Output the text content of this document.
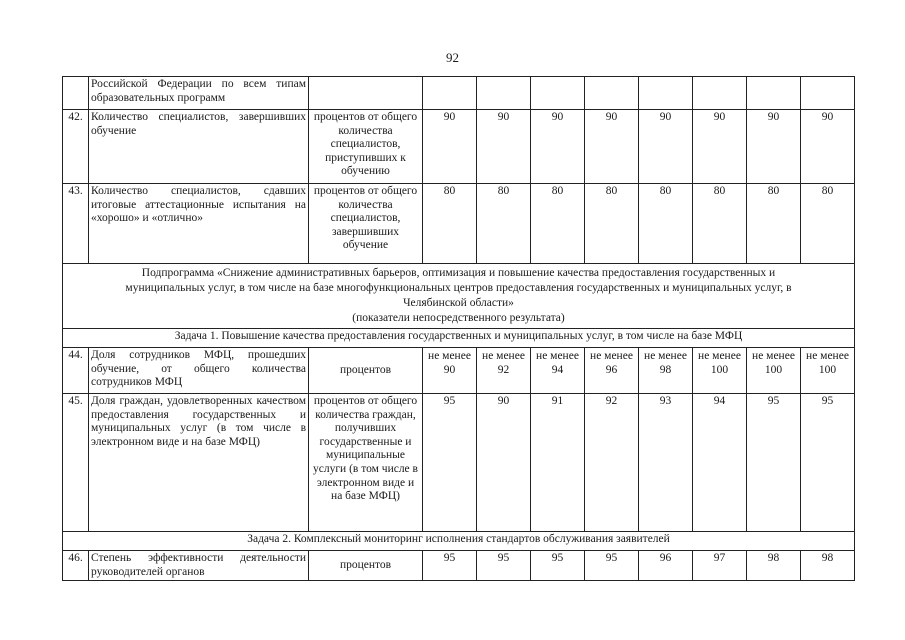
92
	Российской Федерации по всем типам образовательных программ									
42.	Количество специалистов, завершивших обучение	процентов от общего количества специалистов, приступивших к обучению	90	90	90	90	90	90	90	90
43.	Количество специалистов, сдавших итоговые аттестационные испытания на «хорошо» и «отлично»	процентов от общего количества специалистов, завершивших обучение	80	80	80	80	80	80	80	80

Подпрограмма «Снижение административных барьеров, оптимизация и повышение качества предоставления государственных и
муниципальных услуг, в том числе на базе многофункциональных центров предоставления государственных и муниципальных услуг, в
Челябинской области»
(показатели непосредственного результата)										

Задача 1. Повышение качества предоставления государственных и муниципальных услуг, в том числе на базе МФЦ										
44.	Доля сотрудников МФЦ, прошедших обучение, от общего количества сотрудников МФЦ	процентов	не менее 90	не менее 92	не менее 94	не менее 96	не менее 98	не менее 100	не менее 100	не менее 100
45.	Доля граждан, удовлетворенных качеством предоставления государственных и муниципальных услуг (в том числе в электронном виде и на базе МФЦ)	процентов от общего количества граждан, получивших государственные и муниципальные услуги (в том числе в электронном виде и на базе МФЦ)	95	90	91	92	93	94	95	95
Задача 2. Комплексный мониторинг исполнения стандартов обслуживания заявителей										
46.	Степень эффективности деятельности руководителей органов	процентов	95	95	95	95	96	97	98	98
